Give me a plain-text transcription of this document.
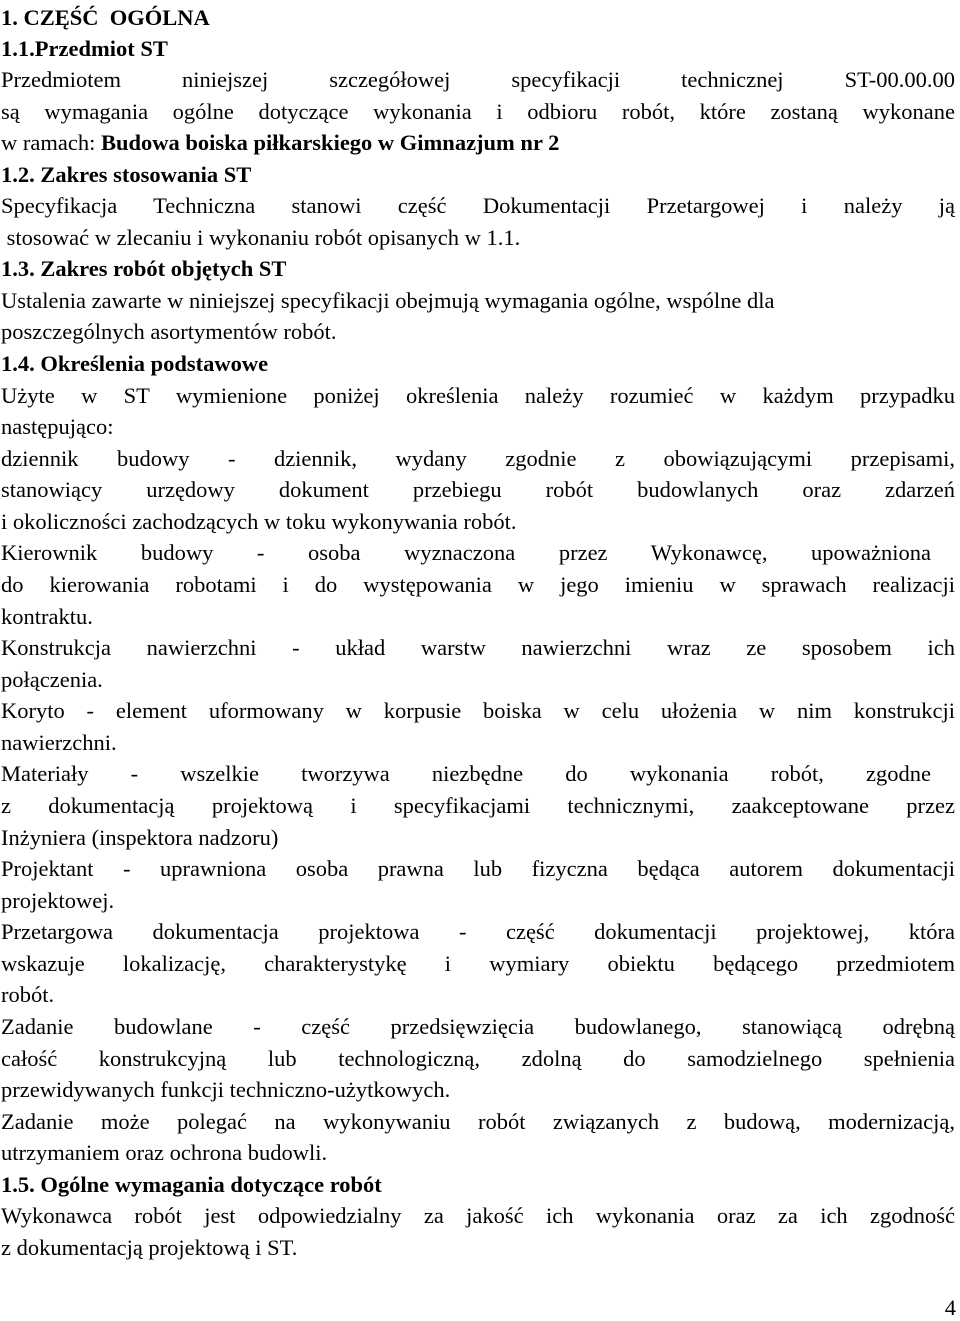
1. CZĘŚĆ  OGÓLNA
1.1.Przedmiot ST
Przedmiotem niniejszej szczegółowej specyfikacji technicznej ST-00.00.00
są wymagania ogólne dotyczące wykonania i odbioru robót, które zostaną wykonane
w ramach: Budowa boiska piłkarskiego w Gimnazjum nr 2
1.2. Zakres stosowania ST
Specyfikacja Techniczna stanowi część Dokumentacji Przetargowej i należy ją
stosować w zlecaniu i wykonaniu robót opisanych w 1.1.
1.3. Zakres robót objętych ST
Ustalenia zawarte w niniejszej specyfikacji obejmują wymagania ogólne, wspólne dla
poszczególnych asortymentów robót.
1.4. Określenia podstawowe
Użyte w ST wymienione poniżej określenia należy rozumieć w każdym przypadku
następująco:
dziennik budowy - dziennik, wydany zgodnie z obowiązującymi przepisami,
stanowiący urzędowy dokument przebiegu robót budowlanych oraz zdarzeń
i okoliczności zachodzących w toku wykonywania robót.
Kierownik budowy - osoba wyznaczona przez Wykonawcę, upoważniona
do kierowania robotami i do występowania w jego imieniu w sprawach realizacji
kontraktu.
Konstrukcja nawierzchni - układ warstw nawierzchni wraz ze sposobem ich
połączenia.
Koryto - element uformowany w korpusie boiska w celu ułożenia w nim konstrukcji
nawierzchni.
Materiały - wszelkie tworzywa niezbędne do wykonania robót, zgodne
z dokumentacją projektową i specyfikacjami technicznymi, zaakceptowane przez
Inżyniera (inspektora nadzoru)
Projektant - uprawniona osoba prawna lub fizyczna będąca autorem dokumentacji
projektowej.
Przetargowa dokumentacja projektowa - część dokumentacji projektowej, która
wskazuje lokalizację, charakterystykę i wymiary obiektu będącego przedmiotem
robót.
Zadanie budowlane - część przedsięwzięcia budowlanego, stanowiącą odrębną
całość konstrukcyjną lub technologiczną, zdolną do samodzielnego spełnienia
przewidywanych funkcji techniczno-użytkowych.
Zadanie może polegać na wykonywaniu robót związanych z budową, modernizacją,
utrzymaniem oraz ochrona budowli.
1.5. Ogólne wymagania dotyczące robót
Wykonawca robót jest odpowiedzialny za jakość ich wykonania oraz za ich zgodność
z dokumentacją projektową i ST.
4
